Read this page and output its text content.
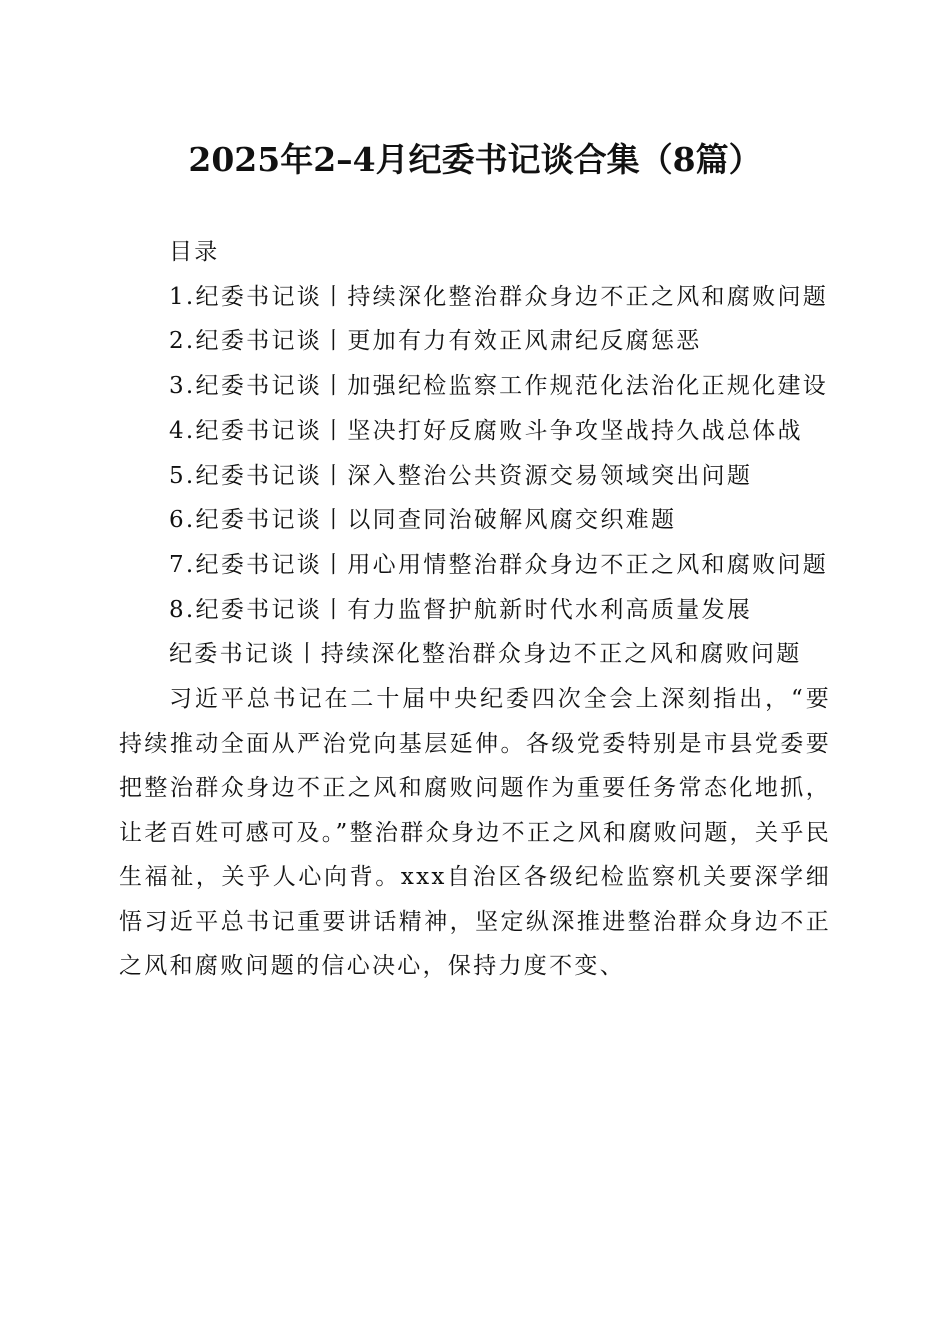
2025年2–4月纪委书记谈合集（8篇）

目录

1.纪委书记谈丨持续深化整治群众身边不正之风和腐败问题

2.纪委书记谈丨更加有力有效正风肃纪反腐惩恶

3.纪委书记谈丨加强纪检监察工作规范化法治化正规化建设

4.纪委书记谈丨坚决打好反腐败斗争攻坚战持久战总体战

5.纪委书记谈丨深入整治公共资源交易领域突出问题

6.纪委书记谈丨以同查同治破解风腐交织难题

7.纪委书记谈丨用心用情整治群众身边不正之风和腐败问题

8.纪委书记谈丨有力监督护航新时代水利高质量发展

纪委书记谈丨持续深化整治群众身边不正之风和腐败问题

习近平总书记在二十届中央纪委四次全会上深刻指出，“要持续推动全面从严治党向基层延伸。各级党委特别是市县党委要把整治群众身边不正之风和腐败问题作为重要任务常态化地抓，让老百姓可感可及。”整治群众身边不正之风和腐败问题，关乎民生福祉，关乎人心向背。xxx自治区各级纪检监察机关要深学细悟习近平总书记重要讲话精神，坚定纵深推进整治群众身边不正之风和腐败问题的信心决心，保持力度不变、
